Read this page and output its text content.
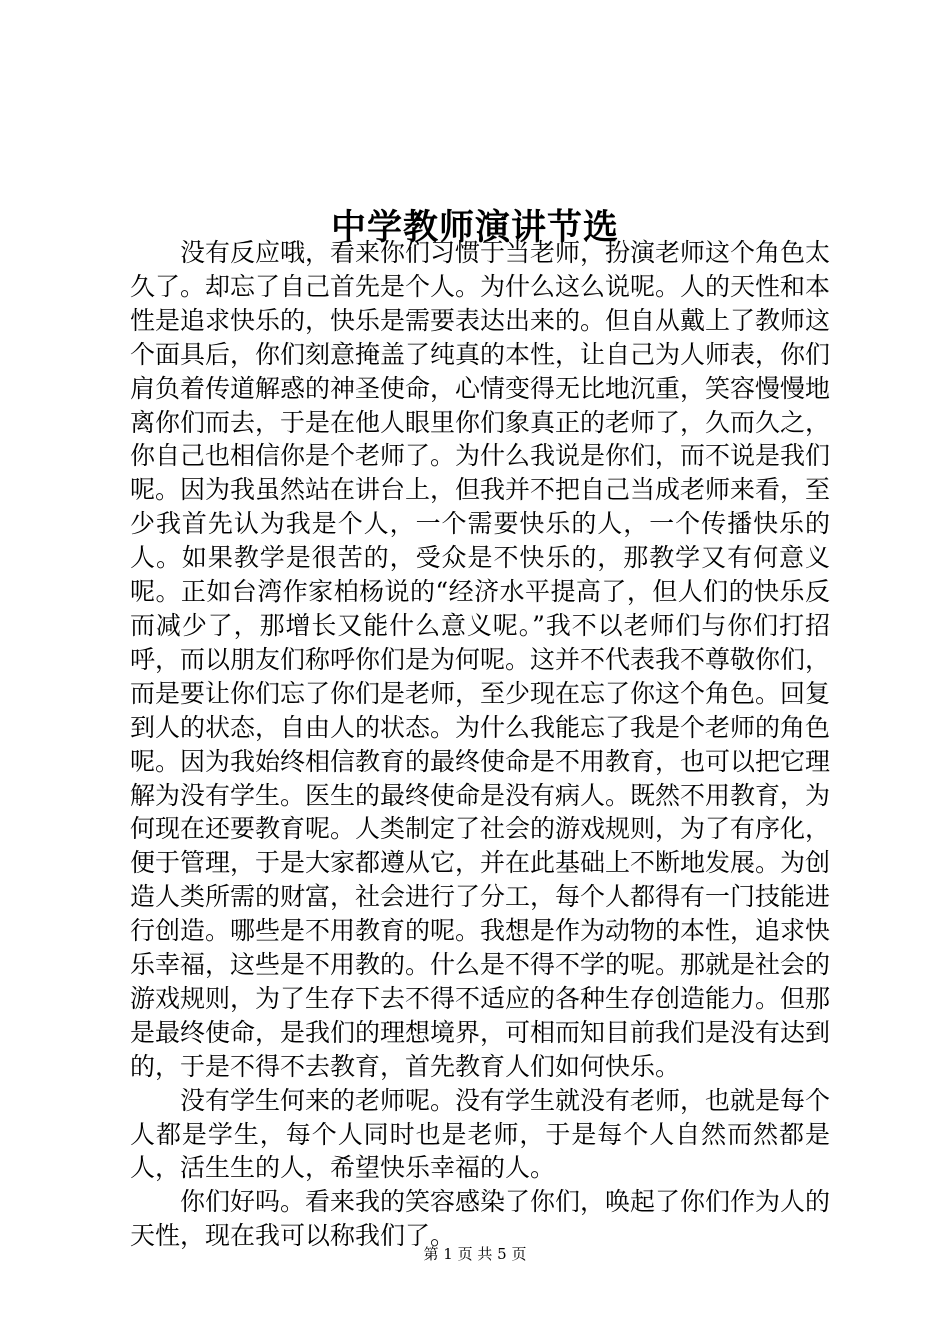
中学教师演讲节选

没有反应哦，看来你们习惯于当老师，扮演老师这个角色太久了。却忘了自己首先是个人。为什么这么说呢。人的天性和本性是追求快乐的，快乐是需要表达出来的。但自从戴上了教师这个面具后，你们刻意掩盖了纯真的本性，让自己为人师表，你们肩负着传道解惑的神圣使命，心情变得无比地沉重，笑容慢慢地离你们而去，于是在他人眼里你们象真正的老师了，久而久之，你自己也相信你是个老师了。为什么我说是你们，而不说是我们呢。因为我虽然站在讲台上，但我并不把自己当成老师来看，至少我首先认为我是个人，一个需要快乐的人，一个传播快乐的人。如果教学是很苦的，受众是不快乐的，那教学又有何意义呢。正如台湾作家柏杨说的“经济水平提高了，但人们的快乐反而减少了，那增长又能什么意义呢。”我不以老师们与你们打招呼，而以朋友们称呼你们是为何呢。这并不代表我不尊敬你们，而是要让你们忘了你们是老师，至少现在忘了你这个角色。回复到人的状态，自由人的状态。为什么我能忘了我是个老师的角色呢。因为我始终相信教育的最终使命是不用教育，也可以把它理解为没有学生。医生的最终使命是没有病人。既然不用教育，为何现在还要教育呢。人类制定了社会的游戏规则，为了有序化，便于管理，于是大家都遵从它，并在此基础上不断地发展。为创造人类所需的财富，社会进行了分工，每个人都得有一门技能进行创造。哪些是不用教育的呢。我想是作为动物的本性，追求快乐幸福，这些是不用教的。什么是不得不学的呢。那就是社会的游戏规则，为了生存下去不得不适应的各种生存创造能力。但那是最终使命，是我们的理想境界，可相而知目前我们是没有达到的，于是不得不去教育，首先教育人们如何快乐。

没有学生何来的老师呢。没有学生就没有老师，也就是每个人都是学生，每个人同时也是老师，于是每个人自然而然都是人，活生生的人，希望快乐幸福的人。

你们好吗。看来我的笑容感染了你们，唤起了你们作为人的天性，现在我可以称我们了。

第 1 页 共 5 页
